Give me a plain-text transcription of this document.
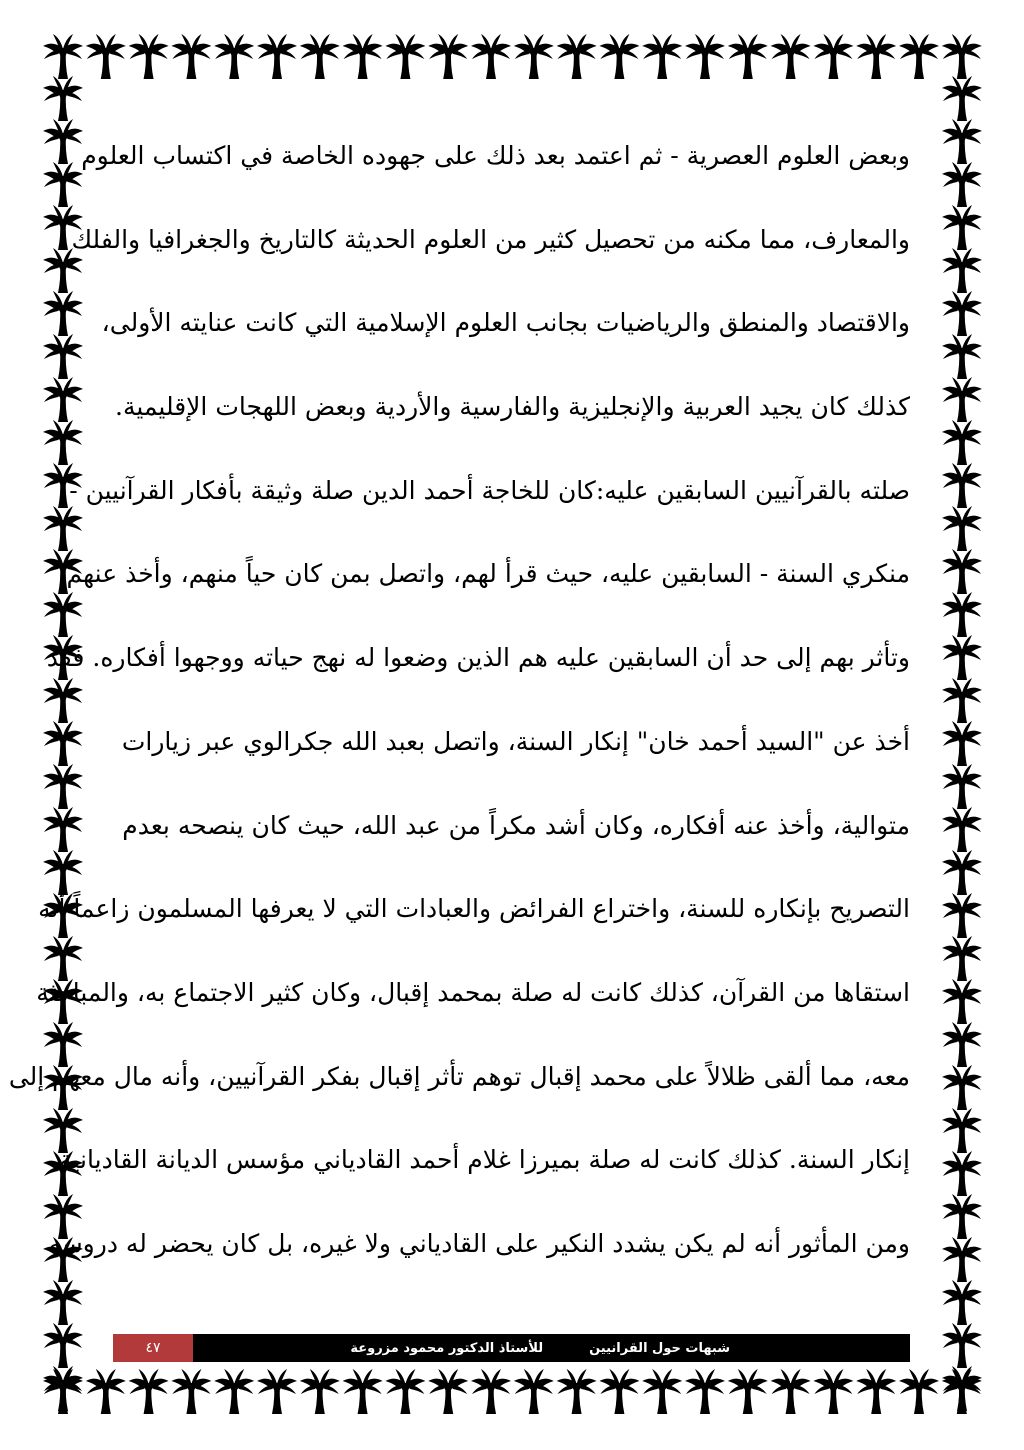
وبعض العلوم العصرية - ثم اعتمد بعد ذلك على جهوده الخاصة في اكتساب العلوم
والمعارف، مما مكنه من تحصيل كثير من العلوم الحديثة كالتاريخ والجغرافيا والفلك
والاقتصاد والمنطق والرياضيات بجانب العلوم الإسلامية التي كانت عنايته الأولى،
كذلك كان يجيد العربية والإنجليزية والفارسية والأردية وبعض اللهجات الإقليمية.
صلته بالقرآنيين السابقين عليه:كان للخاجة أحمد الدين صلة وثيقة بأفكار القرآنيين -
منكري السنة - السابقين عليه، حيث قرأ لهم، واتصل بمن كان حياً منهم، وأخذ عنهم
وتأثر بهم إلى حد أن السابقين عليه هم الذين وضعوا له نهج حياته ووجهوا أفكاره. فقد
أخذ عن "السيد أحمد خان" إنكار السنة، واتصل بعبد الله جكرالوي عبر زيارات
متوالية، وأخذ عنه أفكاره، وكان أشد مكراً من عبد الله، حيث كان ينصحه بعدم
التصريح بإنكاره للسنة، واختراع الفرائض والعبادات التي لا يعرفها المسلمون زاعماً أنه
استقاها من القرآن، كذلك كانت له صلة بمحمد إقبال، وكان كثير الاجتماع به، والمباحثة
معه، مما ألقى ظلالاً على محمد إقبال توهم تأثر إقبال بفكر القرآنيين، وأنه مال معهم إلى
إنكار السنة. كذلك كانت له صلة بميرزا غلام أحمد القادياني مؤسس الديانة القاديانية،
ومن المأثور أنه لم يكن يشدد النكير على القادياني ولا غيره، بل كان يحضر له دروسه
٤٧	شبهات حول القرانيين
للأستاذ الدكتور محمود مزروعة
